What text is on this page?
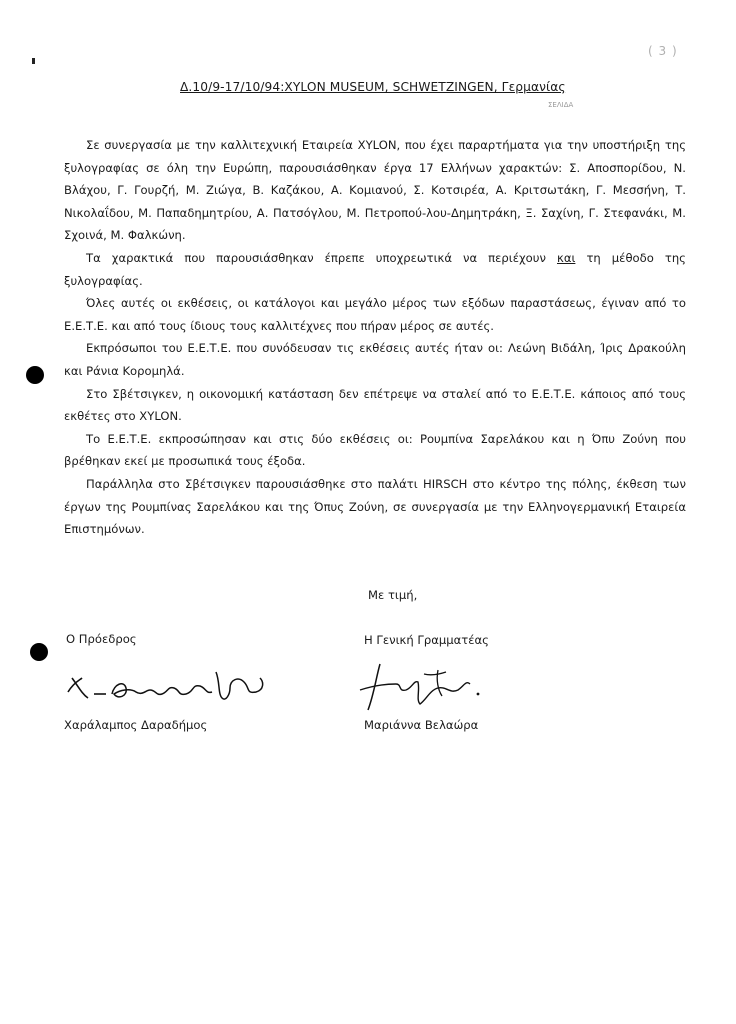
( 3 )
Δ.10/9-17/10/94:XYLON MUSEUM, SCHWETZINGEN, Γερμανίας
ΣΕΛΙΔΑ

Σε συνεργασία με την καλλιτεχνική Εταιρεία XYLON, που έχει παραρτήματα για την υποστήριξη της ξυλογραφίας σε όλη την Ευρώπη, παρουσιάσθηκαν έργα 17 Ελλήνων χαρακτών: Σ. Αποσπορίδου, Ν. Βλάχου, Γ. Γουρζή, Μ. Ζιώγα, Β. Καζάκου, Α. Κομιανού, Σ. Κοτσιρέα, Α. Κριτσωτάκη, Γ. Μεσσήνη, Τ. Νικολαΐδου, Μ. Παπαδημητρίου, Α. Πατσόγλου, Μ. Πετροπού-λου-Δημητράκη, Ξ. Σαχίνη, Γ. Στεφανάκι, Μ. Σχοινά, Μ. Φαλκώνη.

Τα χαρακτικά που παρουσιάσθηκαν έπρεπε υποχρεωτικά να περιέχουν και τη μέθοδο της ξυλογραφίας.

Όλες αυτές οι εκθέσεις, οι κατάλογοι και μεγάλο μέρος των εξόδων παραστάσεως, έγιναν από το Ε.Ε.Τ.Ε. και από τους ίδιους τους καλλιτέχνες που πήραν μέρος σε αυτές.

Εκπρόσωποι του Ε.Ε.Τ.Ε. που συνόδευσαν τις εκθέσεις αυτές ήταν οι: Λεώνη Βιδάλη, Ίρις Δρακούλη και Ράνια Κορομηλά.

Στο Σβέτσιγκεν, η οικονομική κατάσταση δεν επέτρεψε να σταλεί από το Ε.Ε.Τ.Ε. κάποιος από τους εκθέτες στο XYLON.

Το Ε.Ε.Τ.Ε. εκπροσώπησαν και στις δύο εκθέσεις οι: Ρουμπίνα Σαρελάκου και η Όπυ Ζούνη που βρέθηκαν εκεί με προσωπικά τους έξοδα.

Παράλληλα στο Σβέτσιγκεν παρουσιάσθηκε στο παλάτι HIRSCH στο κέντρο της πόλης, έκθεση των έργων της Ρουμπίνας Σαρελάκου και της Όπυς Ζούνη, σε συνεργασία με την Ελληνογερμανική Εταιρεία Επιστημόνων.

Με τιμή,
Ο Πρόεδρος
Χαράλαμπος Δαραδήμος
Η Γενική Γραμματέας
Μαριάννα Βελαώρα
